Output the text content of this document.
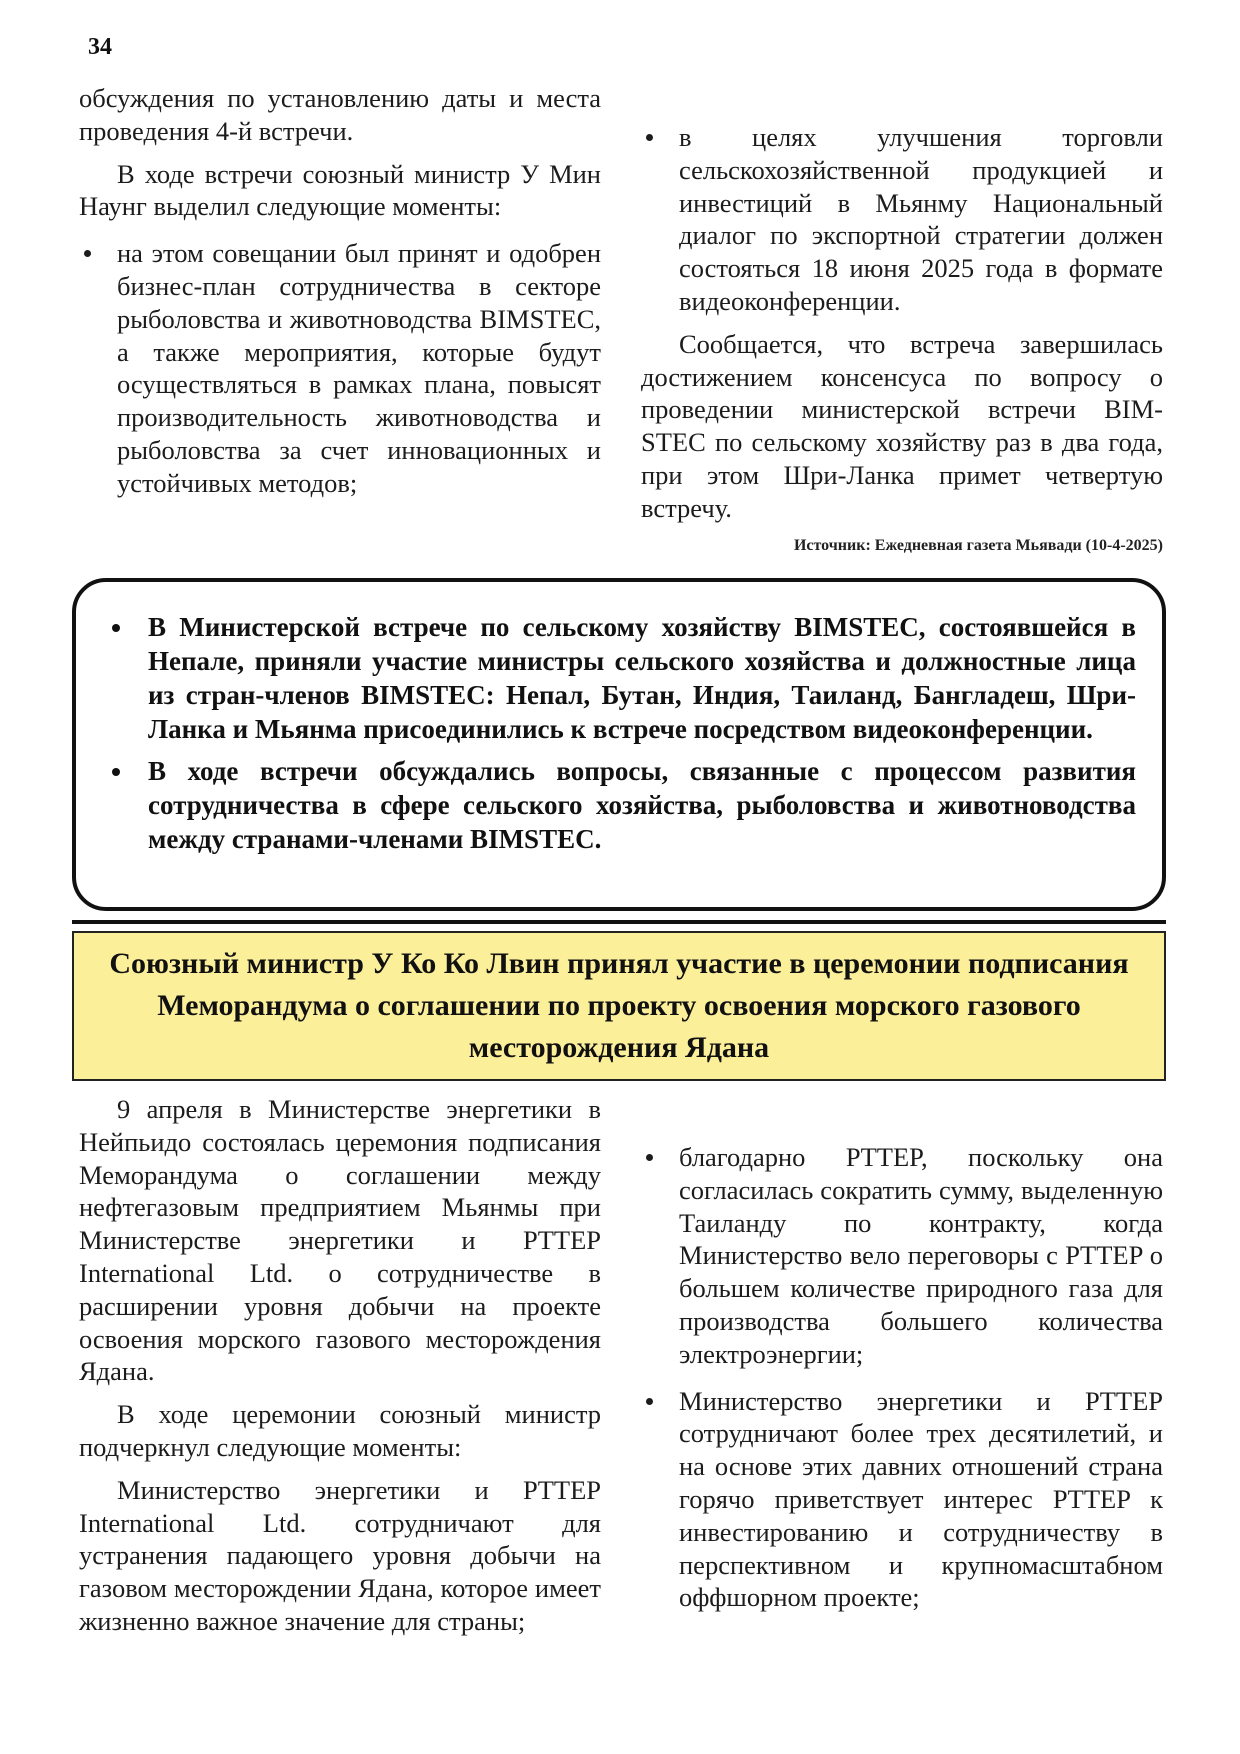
34

обсуждения по установлению даты и места проведения 4-й встречи.

В ходе встречи союзный министр У Мин Наунг выделил следующие моменты:

на этом совещании был принят и одобрен бизнес-план сотрудничества в секторе рыболовства и животноводства BIMSTEC, а также мероприятия, которые будут осуществляться в рамках плана, повысят производительность животноводства и рыболовства за счет инновационных и устойчивых методов;
в целях улучшения торговли сельскохозяйственной продукцией и инвестиций в Мьянму Национальный диалог по экспортной стратегии должен состояться 18 июня 2025 года в формате видеоконференции.

Сообщается, что встреча завершилась достижением консенсуса по вопросу о проведении министерской встречи BIM-STEC по сельскому хозяйству раз в два года, при этом Шри-Ланка примет четвертую встречу.

Источник: Ежедневная газета Мьявади (10-4-2025)
В Министерской встрече по сельскому хозяйству BIMSTEC, состоявшейся в Непале, приняли участие министры сельского хозяйства и должностные лица из стран-членов BIMSTEC: Непал, Бутан, Индия, Таиланд, Бангладеш, Шри-Ланка и Мьянма присоединились к встрече посредством видеоконференции.
В ходе встречи обсуждались вопросы, связанные с процессом развития сотрудничества в сфере сельского хозяйства, рыболовства и животноводства между странами-членами BIMSTEC.
Союзный министр У Ко Ко Лвин принял участие в церемонии подписания Меморандума о соглашении по проекту освоения морского газового месторождения Ядана

9 апреля в Министерстве энергетики в Нейпьидо состоялась церемония подписания Меморандума о соглашении между нефтегазовым предприятием Мьянмы при Министерстве энергетики и PTTEP International Ltd. о сотрудничестве в расширении уровня добычи на проекте освоения морского газового месторождения Ядана.

В ходе церемонии союзный министр подчеркнул следующие моменты:

Министерство энергетики и PTTEP International Ltd. сотрудничают для устранения падающего уровня добычи на газовом месторождении Ядана, которое имеет жизненно важное значение для страны;

благодарно PTTEP, поскольку она согласилась сократить сумму, выделенную Таиланду по контракту, когда Министерство вело переговоры с PTTEP о большем количестве природного газа для производства большего количества электроэнергии;
Министерство энергетики и PTTEP сотрудничают более трех десятилетий, и на основе этих давних отношений страна горячо приветствует интерес PTTEP к инвестированию и сотрудничеству в перспективном и крупномасштабном оффшорном проекте;
